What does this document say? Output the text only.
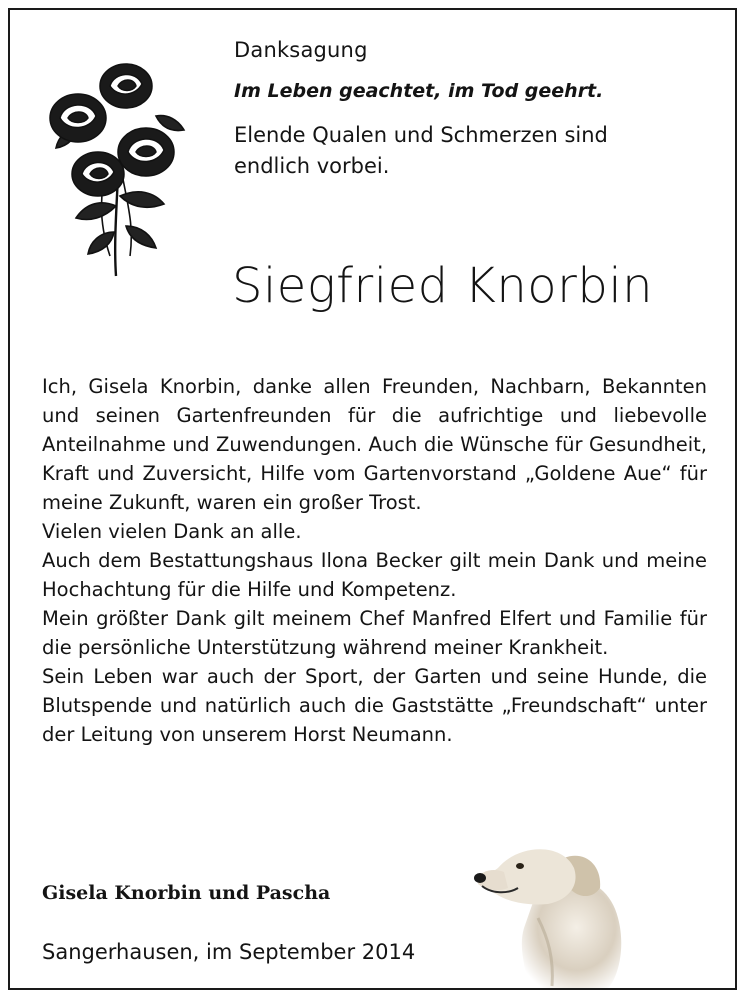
Danksagung

Im Leben geachtet, im Tod geehrt.

Elende Qualen und Schmerzen sind

endlich vorbei.

Siegfried Knorbin

Ich, Gisela Knorbin, danke allen Freunden, Nachbarn, Bekannten und seinen Gartenfreunden für die aufrichtige und liebevolle Anteilnahme und Zuwendungen. Auch die Wünsche für Gesundheit, Kraft und Zuversicht, Hilfe vom Gartenvorstand „Goldene Aue“ für meine Zukunft, waren ein großer Trost.

Vielen vielen Dank an alle.

Auch dem Bestattungshaus Ilona Becker gilt mein Dank und meine Hochachtung für die Hilfe und Kompetenz.

Mein größter Dank gilt meinem Chef Manfred Elfert und Familie für die persönliche Unterstützung während meiner Krankheit.

Sein Leben war auch der Sport, der Garten und seine Hunde, die Blutspende und natürlich auch die Gaststätte „Freundschaft“ unter der Leitung von unserem Horst Neumann.

Gisela Knorbin und Pascha
Sangerhausen, im September 2014
